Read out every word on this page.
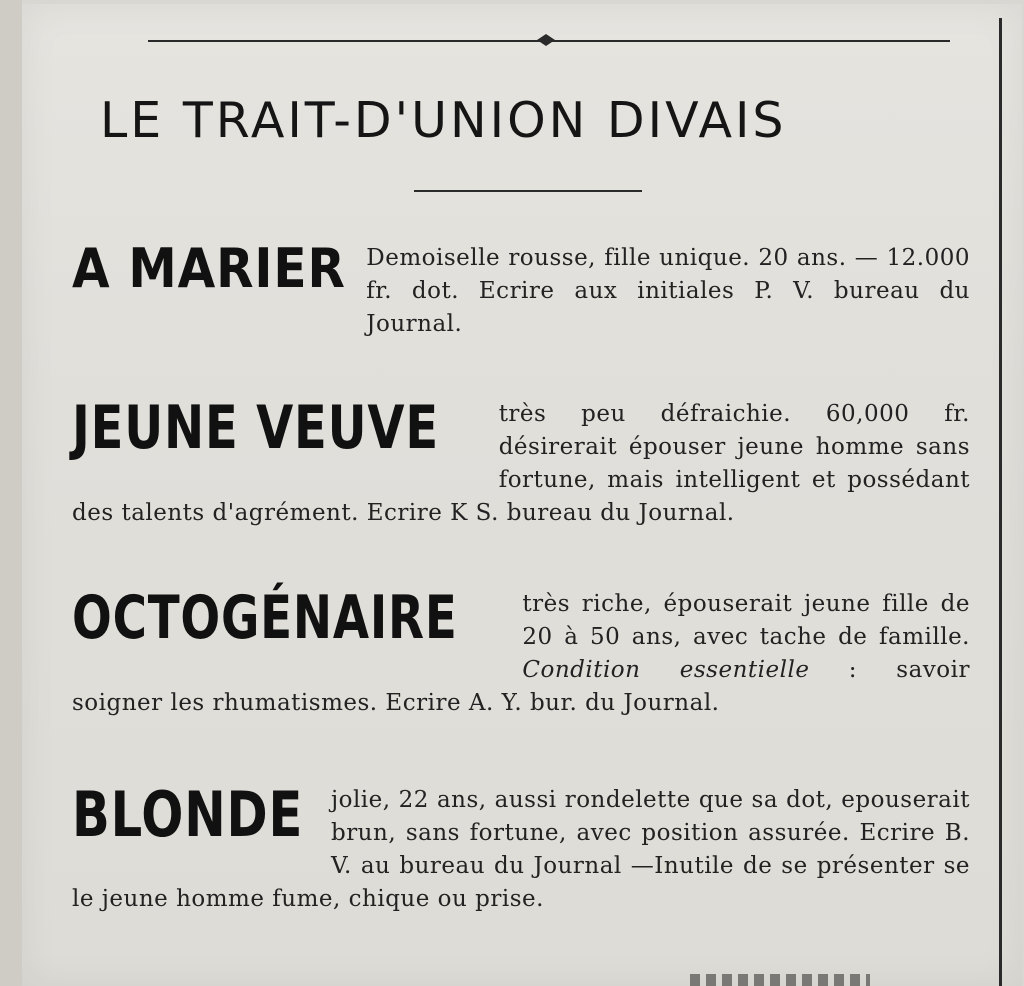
LE TRAIT-D'UNION DIVAIS
A MARIER Demoiselle rousse, fille unique. 20 ans. — 12.000 fr. dot. Ecrire aux initiales P. V. bureau du Journal.
JEUNE VEUVE	très peu défraichie. 60,000 fr. désirerait épouser jeune homme sans fortune, mais intelligent et possédant des talents d'agrément. Ecrire K S. bureau du Journal.
OCTOGÉNAIRE	très riche, épouserait jeune fille de 20 à 50 ans, avec tache de famille. Condition essentielle : savoir soigner les rhumatismes. Ecrire A. Y. bur. du Journal.
BLONDE	jolie, 22 ans, aussi rondelette que sa dot, epouserait brun, sans fortune, avec position assurée. Ecrire B. V. au bureau du Journal —Inutile de se présenter se le jeune homme fume, chique ou prise.
